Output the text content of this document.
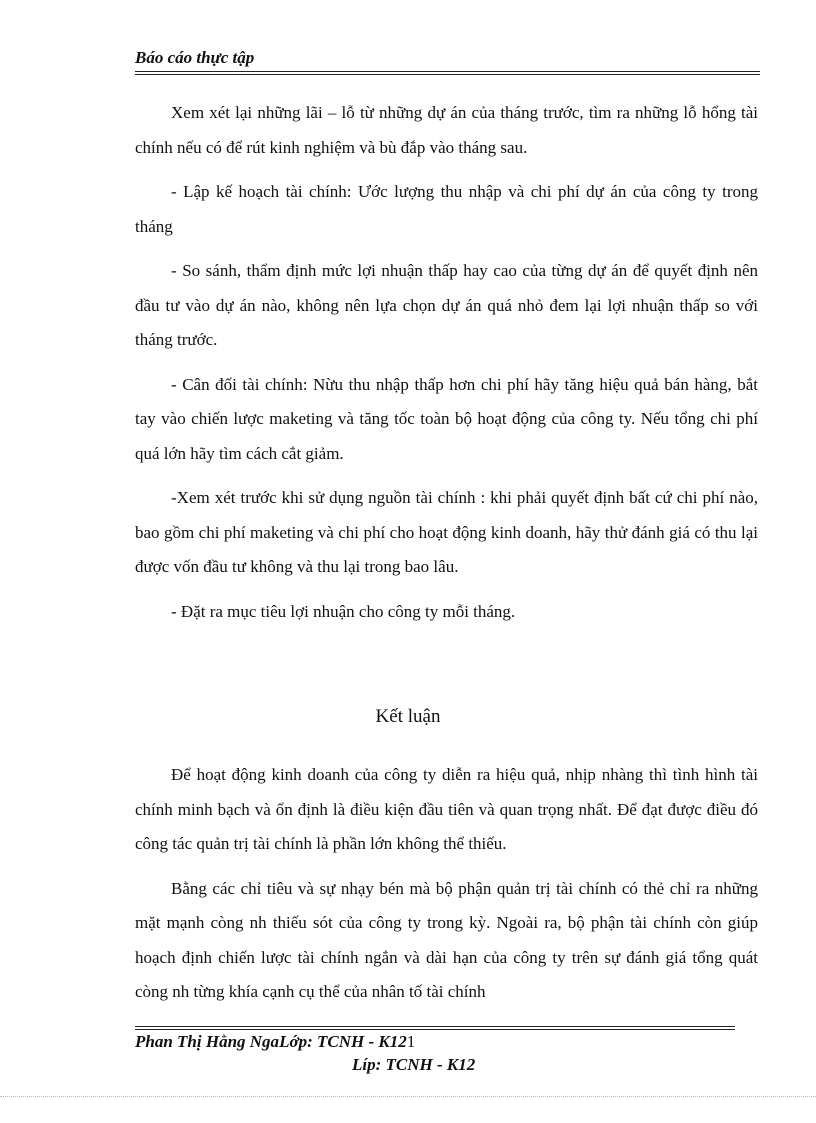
Báo cáo thực tập

Xem xét lại những lãi – lỗ từ những dự án của tháng trước, tìm ra những lỗ hổng tài chính nếu có để rút kinh nghiệm và bù đắp vào tháng sau.

- Lập kế hoạch tài chính: Ước lượng thu nhập và chi phí dự án của công ty trong tháng

- So sánh, thẩm định mức lợi nhuận thấp hay cao của từng dự án để quyết định nên đầu tư vào dự án nào, không nên lựa chọn dự án quá nhỏ đem lại lợi nhuận thấp so với tháng trước.

- Cân đối tài chính: Nừu thu nhập thấp hơn chi phí hãy tăng hiệu quả bán hàng, bắt tay vào chiến lược maketing và tăng tốc toàn bộ hoạt động của công ty. Nếu tổng chi phí quá lớn hãy tìm cách cắt giảm.

-Xem xét trước khi sử dụng nguồn tài chính : khi phải quyết định bất cứ chi phí nào, bao gồm chi phí maketing và chi phí cho hoạt động kinh doanh, hãy thử đánh giá có thu lại được vốn đầu tư không và thu lại trong bao lâu.

- Đặt ra mục tiêu lợi nhuận cho công ty mỗi tháng.

Kết luận

Để hoạt động kinh doanh của công ty diễn ra hiệu quả, nhịp nhàng thì tình hình tài chính minh bạch và ổn định là điều kiện đầu tiên và quan trọng nhất. Để đạt được điều đó công tác quản trị tài chính là phần lớn không thể thiếu.

Bằng các chỉ tiêu và sự nhạy bén mà bộ phận quản trị tài chính có thẻ chỉ ra những mặt mạnh còng nh thiếu sót của công ty trong kỳ. Ngoài ra, bộ phận tài chính còn giúp hoạch định chiến lược tài chính ngắn và dài hạn của công ty trên sự đánh giá tổng quát còng nh từng khía cạnh cụ thể của nhân tố tài chính

Phan Thị Hằng NgaLớp: TCNH - K121
Líp: TCNH - K12
